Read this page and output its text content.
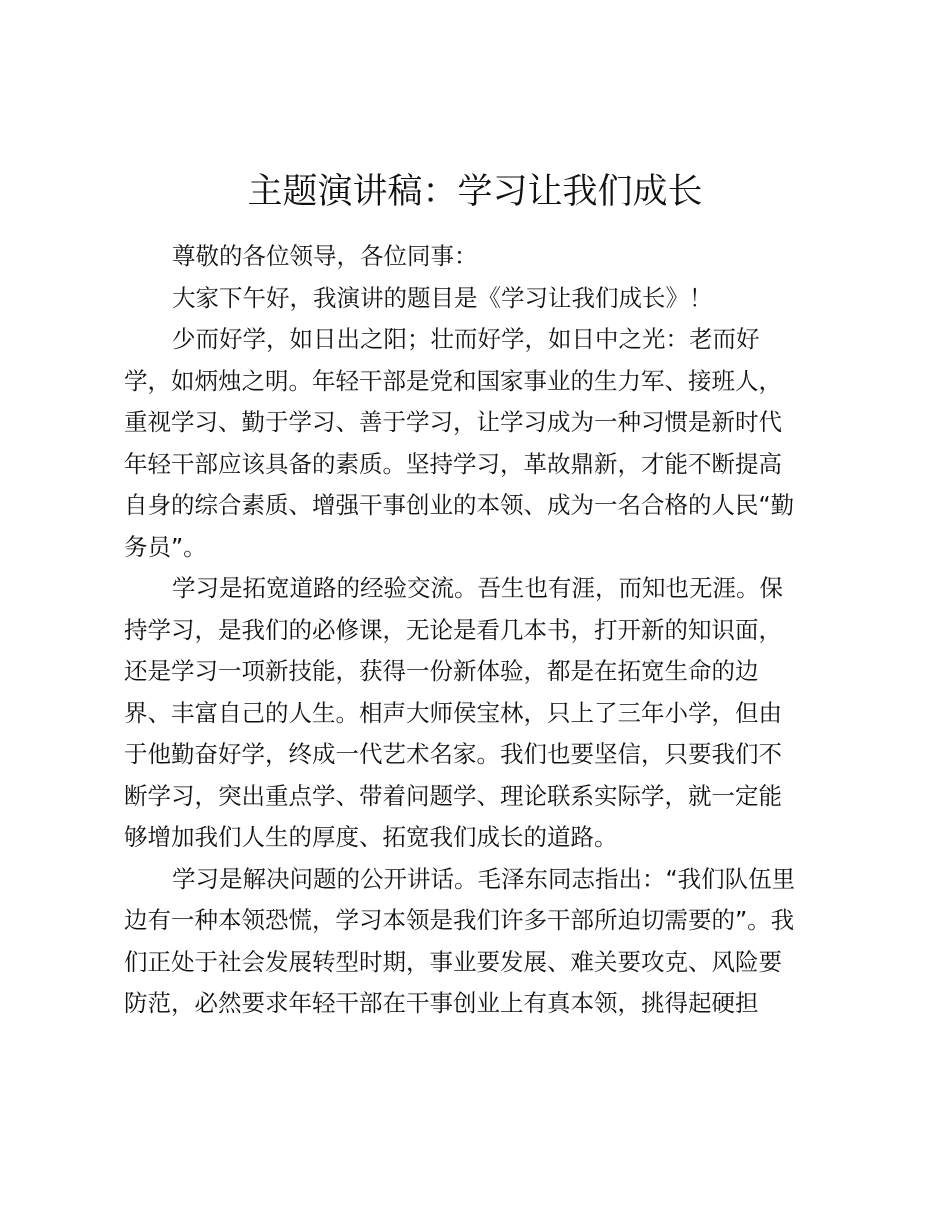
主题演讲稿：学习让我们成长
尊敬的各位领导，各位同事：
大家下午好，我演讲的题目是《学习让我们成长》！
少而好学，如日出之阳；壮而好学，如日中之光：老而好
学，如炳烛之明。年轻干部是党和国家事业的生力军、接班人，
重视学习、勤于学习、善于学习，让学习成为一种习惯是新时代
年轻干部应该具备的素质。坚持学习，革故鼎新，才能不断提高
自身的综合素质、增强干事创业的本领、成为一名合格的人民“勤
务员”。
学习是拓宽道路的经验交流。吾生也有涯，而知也无涯。保
持学习，是我们的必修课，无论是看几本书，打开新的知识面，
还是学习一项新技能，获得一份新体验，都是在拓宽生命的边
界、丰富自己的人生。相声大师侯宝林，只上了三年小学，但由
于他勤奋好学，终成一代艺术名家。我们也要坚信，只要我们不
断学习，突出重点学、带着问题学、理论联系实际学，就一定能
够增加我们人生的厚度、拓宽我们成长的道路。
学习是解决问题的公开讲话。毛泽东同志指出：“我们队伍里
边有一种本领恐慌，学习本领是我们许多干部所迫切需要的”。我
们正处于社会发展转型时期，事业要发展、难关要攻克、风险要
防范，必然要求年轻干部在干事创业上有真本领，挑得起硬担
